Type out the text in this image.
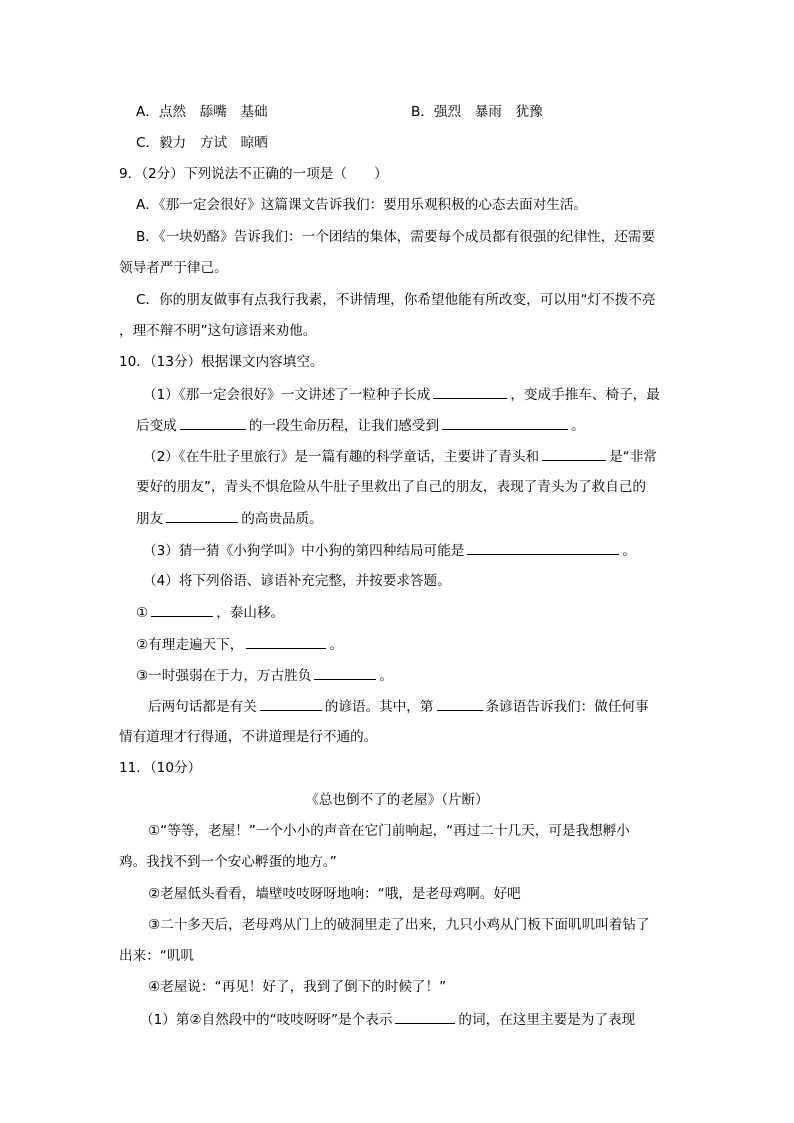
A．点然　舔嘴　基础	B．强烈　暴雨　犹豫
C．毅力　方试　晾晒
9．（2分）下列说法不正确的一项是（　　）
A．《那一定会很好》这篇课文告诉我们：要用乐观积极的心态去面对生活。
B．《一块奶酪》告诉我们：一个团结的集体，需要每个成员都有很强的纪律性，还需要
领导者严于律己。
C．你的朋友做事有点我行我素，不讲情理，你希望他能有所改变，可以用“灯不拨不亮
，理不辩不明”这句谚语来劝他。
10．（13分）根据课文内容填空。
（1）《那一定会很好》一文讲述了一粒种子长成	，变成手推车、椅子，最
后变成	的一段生命历程，让我们感受到	。
（2）《在牛肚子里旅行》是一篇有趣的科学童话，主要讲了青头和	是“非常
要好的朋友”，青头不惧危险从牛肚子里救出了自己的朋友，表现了青头为了救自己的
朋友	的高贵品质。
（3）猜一猜《小狗学叫》中小狗的第四种结局可能是	。
（4）将下列俗语、谚语补充完整，并按要求答题。
①	，泰山移。
②有理走遍天下，	。
③一时强弱在于力，万古胜负	。
后两句话都是有关	的谚语。其中，第	条谚语告诉我们：做任何事
情有道理才行得通，不讲道理是行不通的。
11．（10分）
《总也倒不了的老屋》（片断）
①“等等，老屋！”一个小小的声音在它门前响起，“再过二十几天，可是我想孵小
鸡。我找不到一个安心孵蛋的地方。”
②老屋低头看看，墙壁吱吱呀呀地响：“哦，是老母鸡啊。好吧
③二十多天后，老母鸡从门上的破洞里走了出来，九只小鸡从门板下面叽叽叫着钻了
出来：“叽叽
④老屋说：“再见！好了，我到了倒下的时候了！”
（1）第②自然段中的“吱吱呀呀”是个表示	的词，在这里主要是为了表现
